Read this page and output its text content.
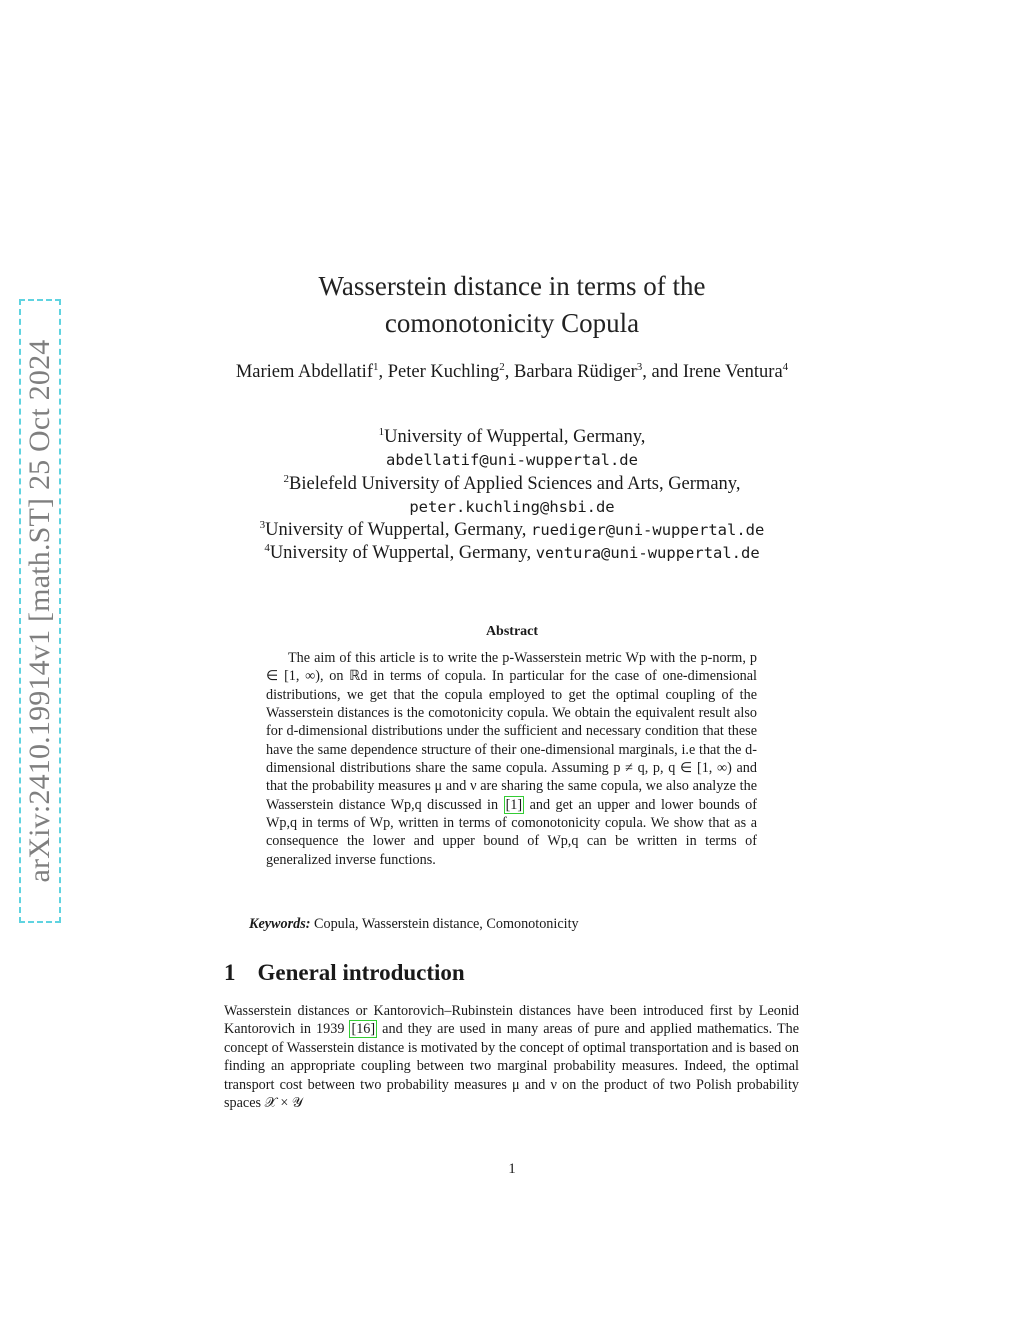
arXiv:2410.19914v1 [math.ST] 25 Oct 2024
Wasserstein distance in terms of the
comonotonicity Copula
Mariem Abdellatif$^1$, Peter Kuchling$^2$, Barbara Rüdiger$^3$, and Irene Ventura$^4$
$^1$University of Wuppertal, Germany,
abdellatif@uni-wuppertal.de
$^2$Bielefeld University of Applied Sciences and Arts, Germany,
peter.kuchling@hsbi.de
$^3$University of Wuppertal, Germany, ruediger@uni-wuppertal.de
$^4$University of Wuppertal, Germany, ventura@uni-wuppertal.de
Abstract

The aim of this article is to write the p-Wasserstein metric Wp with the p-norm, p ∈ [1, ∞), on ℝd in terms of copula. In particular for the case of one-dimensional distributions, we get that the copula employed to get the optimal coupling of the Wasserstein distances is the comotonicity copula. We obtain the equivalent result also for d-dimensional distributions under the sufficient and necessary condition that these have the same dependence structure of their one-dimensional marginals, i.e that the d-dimensional distributions share the same copula. Assuming p ≠ q, p, q ∈ [1, ∞) and that the probability measures μ and ν are sharing the same copula, we also analyze the Wasserstein distance Wp,q discussed in [1] and get an upper and lower bounds of Wp,q in terms of Wp, written in terms of comonotonicity copula. We show that as a consequence the lower and upper bound of Wp,q can be written in terms of generalized inverse functions.

Keywords: Copula, Wasserstein distance, Comonotonicity
1 General introduction

Wasserstein distances or Kantorovich–Rubinstein distances have been introduced first by Leonid Kantorovich in 1939 [16] and they are used in many areas of pure and applied mathematics. The concept of Wasserstein distance is motivated by the concept of optimal transportation and is based on finding an appropriate coupling between two marginal probability measures. Indeed, the optimal transport cost between two probability measures μ and ν on the product of two Polish probability spaces 𝒳 × 𝒴

1
